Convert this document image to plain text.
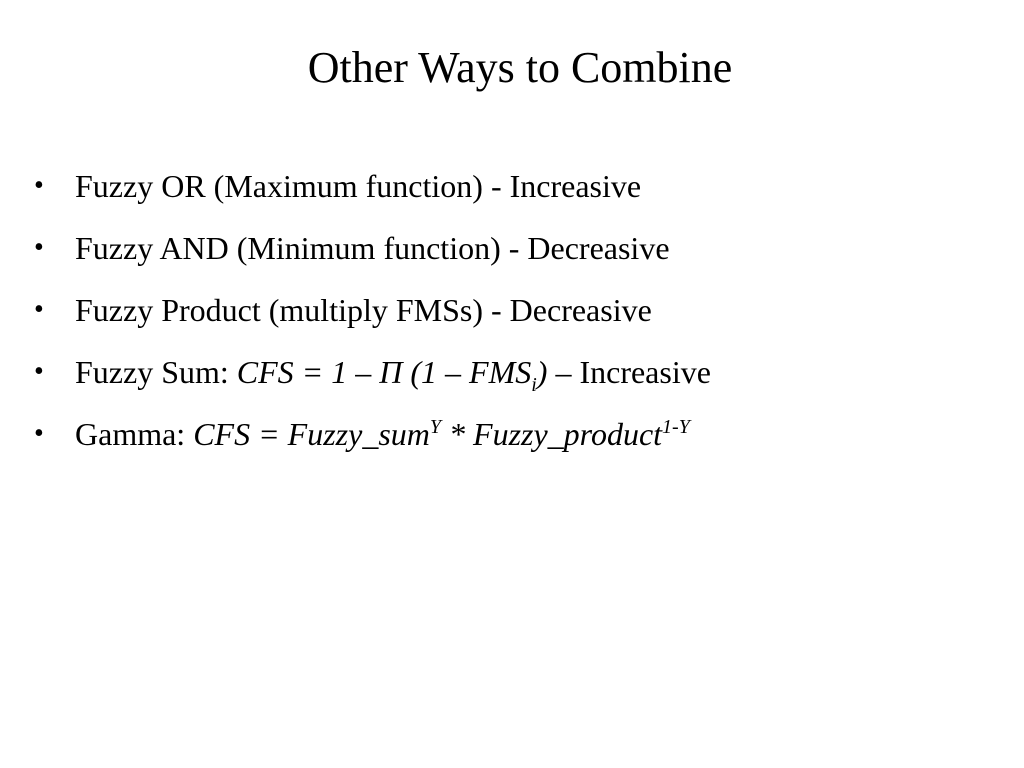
Other Ways to Combine
• Fuzzy OR (Maximum function) - Increasive
• Fuzzy AND (Minimum function) - Decreasive
• Fuzzy Product (multiply FMSs) - Decreasive
• Fuzzy Sum: CFS = 1 – Π $(1 - FMS_i)$ – Increasive
• Gamma: CFS = Fuzzy_sum$^Y$ * Fuzzy_product$^{1-Y}$
